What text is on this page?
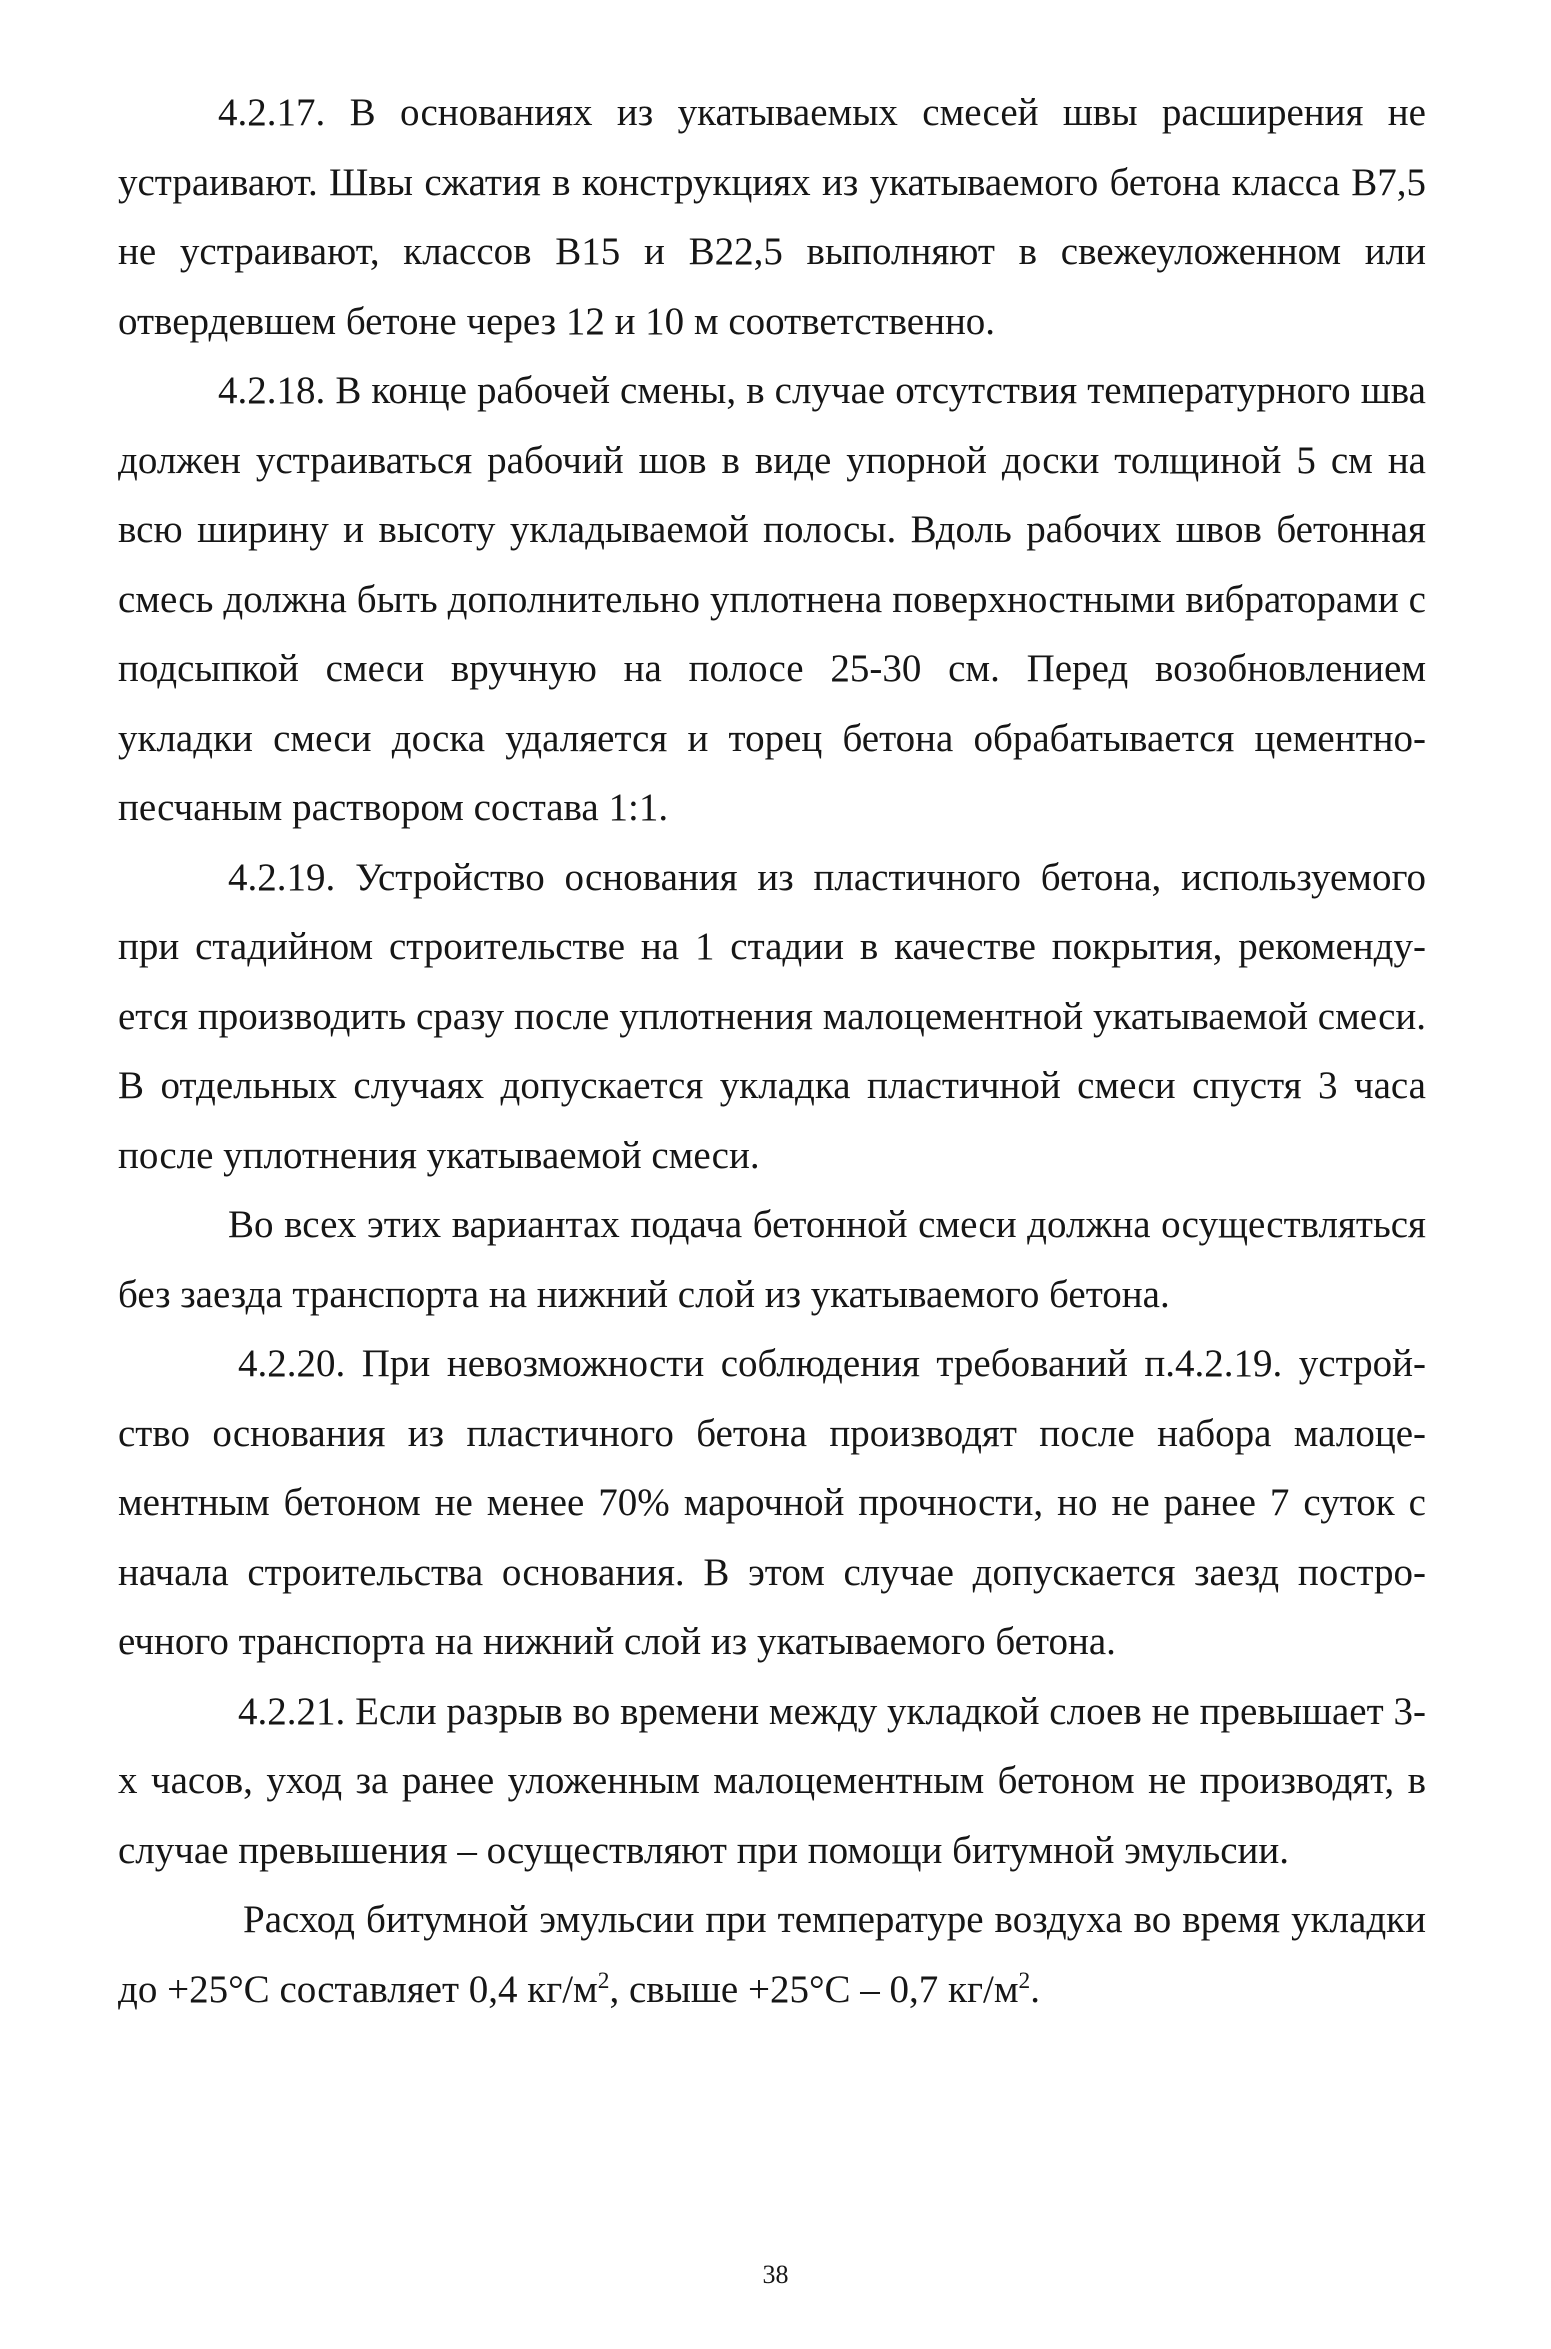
4.2.17. В основаниях из укатываемых смесей швы расширения не устраивают. Швы сжатия в конструкциях из укатываемого бетона класса В7,5 не устраивают, классов В15 и В22,5 выполняют в свежеуложенном или отвердевшем бетоне через 12 и 10 м соответственно.

4.2.18. В конце рабочей смены, в случае отсутствия температурного шва должен устраиваться рабочий шов в виде упорной доски толщиной 5 см на всю ширину и высоту укладываемой полосы. Вдоль рабочих швов бетонная смесь должна быть дополнительно уплотнена поверхностными вибраторами с подсыпкой смеси вручную на полосе 25-30 см. Перед возобновлением укладки смеси доска удаляется и торец бетона обрабатывается цементно-песчаным раствором состава 1:1.

4.2.19. Устройство основания из пластичного бетона, используемого при стадийном строительстве на 1 стадии в качестве покрытия, рекомендуется производить сразу после уплотнения малоцементной укатываемой смеси. В отдельных случаях допускается укладка пластичной смеси спустя 3 часа после уплотнения укатываемой смеси.

Во всех этих вариантах подача бетонной смеси должна осуществляться без заезда транспорта на нижний слой из укатываемого бетона.

4.2.20. При невозможности соблюдения требований п.4.2.19. устройство основания из пластичного бетона производят после набора малоцементным бетоном не менее 70% марочной прочности, но не ранее 7 суток с начала строительства основания. В этом случае допускается заезд построечного транспорта на нижний слой из укатываемого бетона.

4.2.21. Если разрыв во времени между укладкой слоев не превышает 3-х часов, уход за ранее уложенным малоцементным бетоном не производят, в случае превышения – осуществляют при помощи битумной эмульсии.

Расход битумной эмульсии при температуре воздуха во время укладки до +25°С составляет 0,4 $кг/м^2$, свыше +25°С – 0,7 $кг/м^2$.

38
